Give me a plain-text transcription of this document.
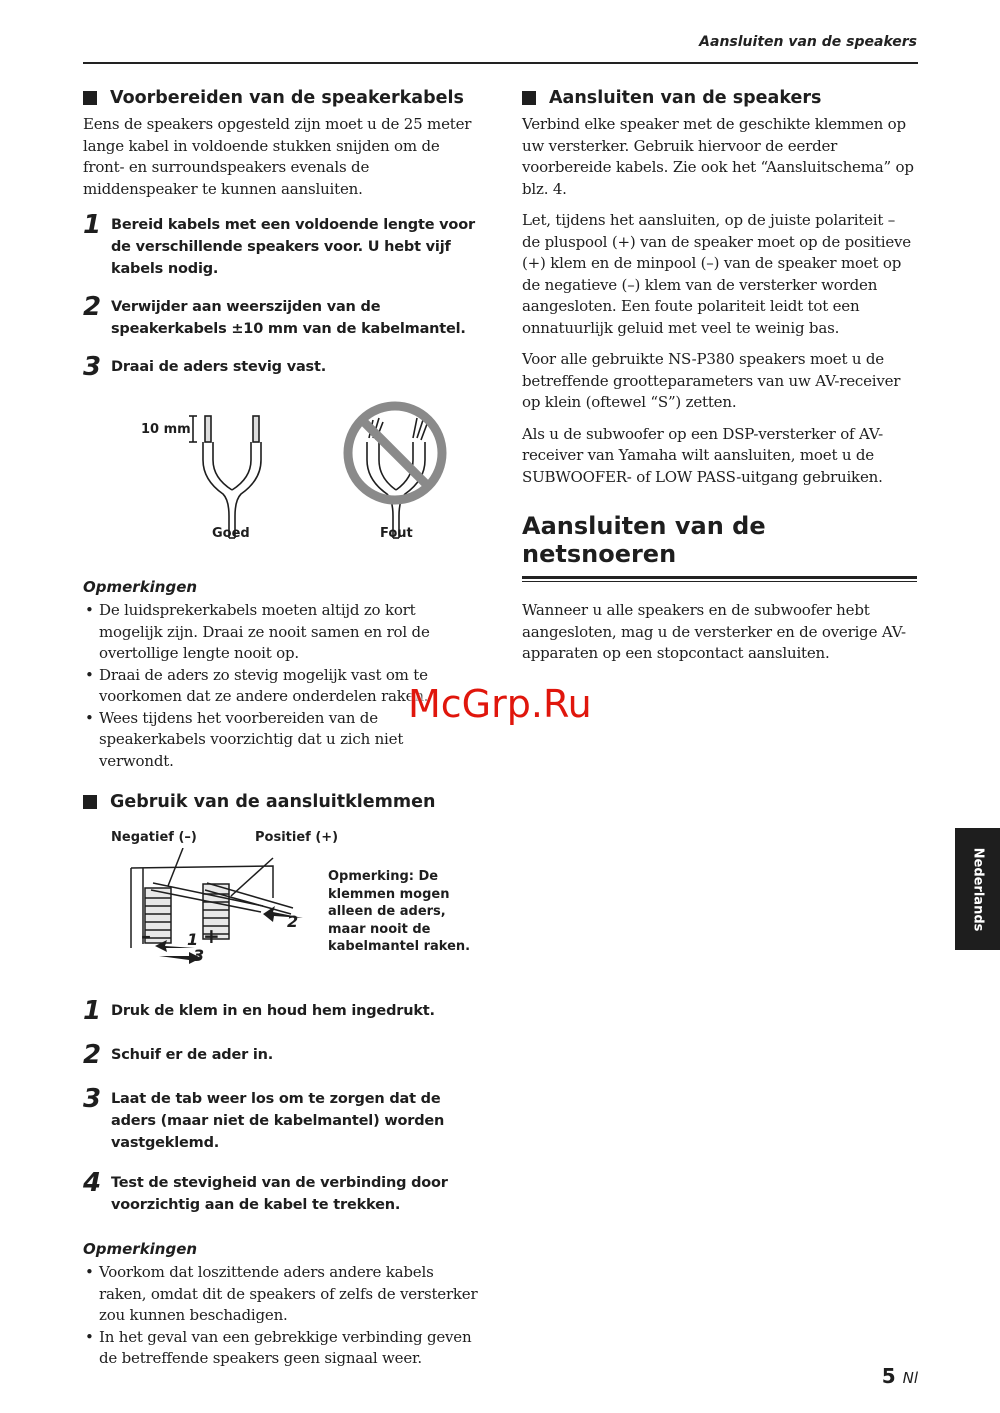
Aansluiten van de speakers
Voorbereiden van de speakerkabels

Eens de speakers opgesteld zijn moet u de 25 meter lange kabel in voldoende stukken snijden om de front- en surroundspeakers evenals de middenspeaker te kunnen aansluiten.

1 Bereid kabels met een voldoende lengte voor de verschillende speakers voor. U hebt vijf kabels nodig.
2 Verwijder aan weerszijden van de speakerkabels ±10 mm van de kabelmantel.
3 Draai de aders stevig vast.
10 mm
Goed	Fout
Opmerkingen
• De luidsprekerkabels moeten altijd zo kort mogelijk zijn. Draai ze nooit samen en rol de overtollige lengte nooit op.
• Draai de aders zo stevig mogelijk vast om te voorkomen dat ze andere onderdelen raken.
• Wees tijdens het voorbereiden van de speakerkabels voorzichtig dat u zich niet verwondt.
Gebruik van de aansluitklemmen
Negatief (–)	Positief (+)
– 1 +
2
3
Opmerking: De klemmen mogen alleen de aders, maar nooit de kabelmantel raken.
1 Druk de klem in en houd hem ingedrukt.
2 Schuif er de ader in.
3 Laat de tab weer los om te zorgen dat de aders (maar niet de kabelmantel) worden vastgeklemd.
4 Test de stevigheid van de verbinding door voorzichtig aan de kabel te trekken.
Opmerkingen
• Voorkom dat loszittende aders andere kabels raken, omdat dit de speakers of zelfs de versterker zou kunnen beschadigen.
• In het geval van een gebrekkige verbinding geven de betreffende speakers geen signaal weer.
Aansluiten van de speakers

Verbind elke speaker met de geschikte klemmen op uw versterker. Gebruik hiervoor de eerder voorbereide kabels. Zie ook het “Aansluitschema” op blz. 4.

Let, tijdens het aansluiten, op de juiste polariteit – de pluspool (+) van de speaker moet op de positieve (+) klem en de minpool (–) van de speaker moet op de negatieve (–) klem van de versterker worden aangesloten. Een foute polariteit leidt tot een onnatuurlijk geluid met veel te weinig bas.

Voor alle gebruikte NS-P380 speakers moet u de betreffende grootteparameters van uw AV-receiver op klein (oftewel “S”) zetten.

Als u de subwoofer op een DSP-versterker of AV-receiver van Yamaha wilt aansluiten, moet u de SUBWOOFER- of LOW PASS-uitgang gebruiken.

Aansluiten van de netsnoeren

Wanneer u alle speakers en de subwoofer hebt aangesloten, mag u de versterker en de overige AV-apparaten op een stopcontact aansluiten.

Nederlands
5 Nl
McGrp.Ru
